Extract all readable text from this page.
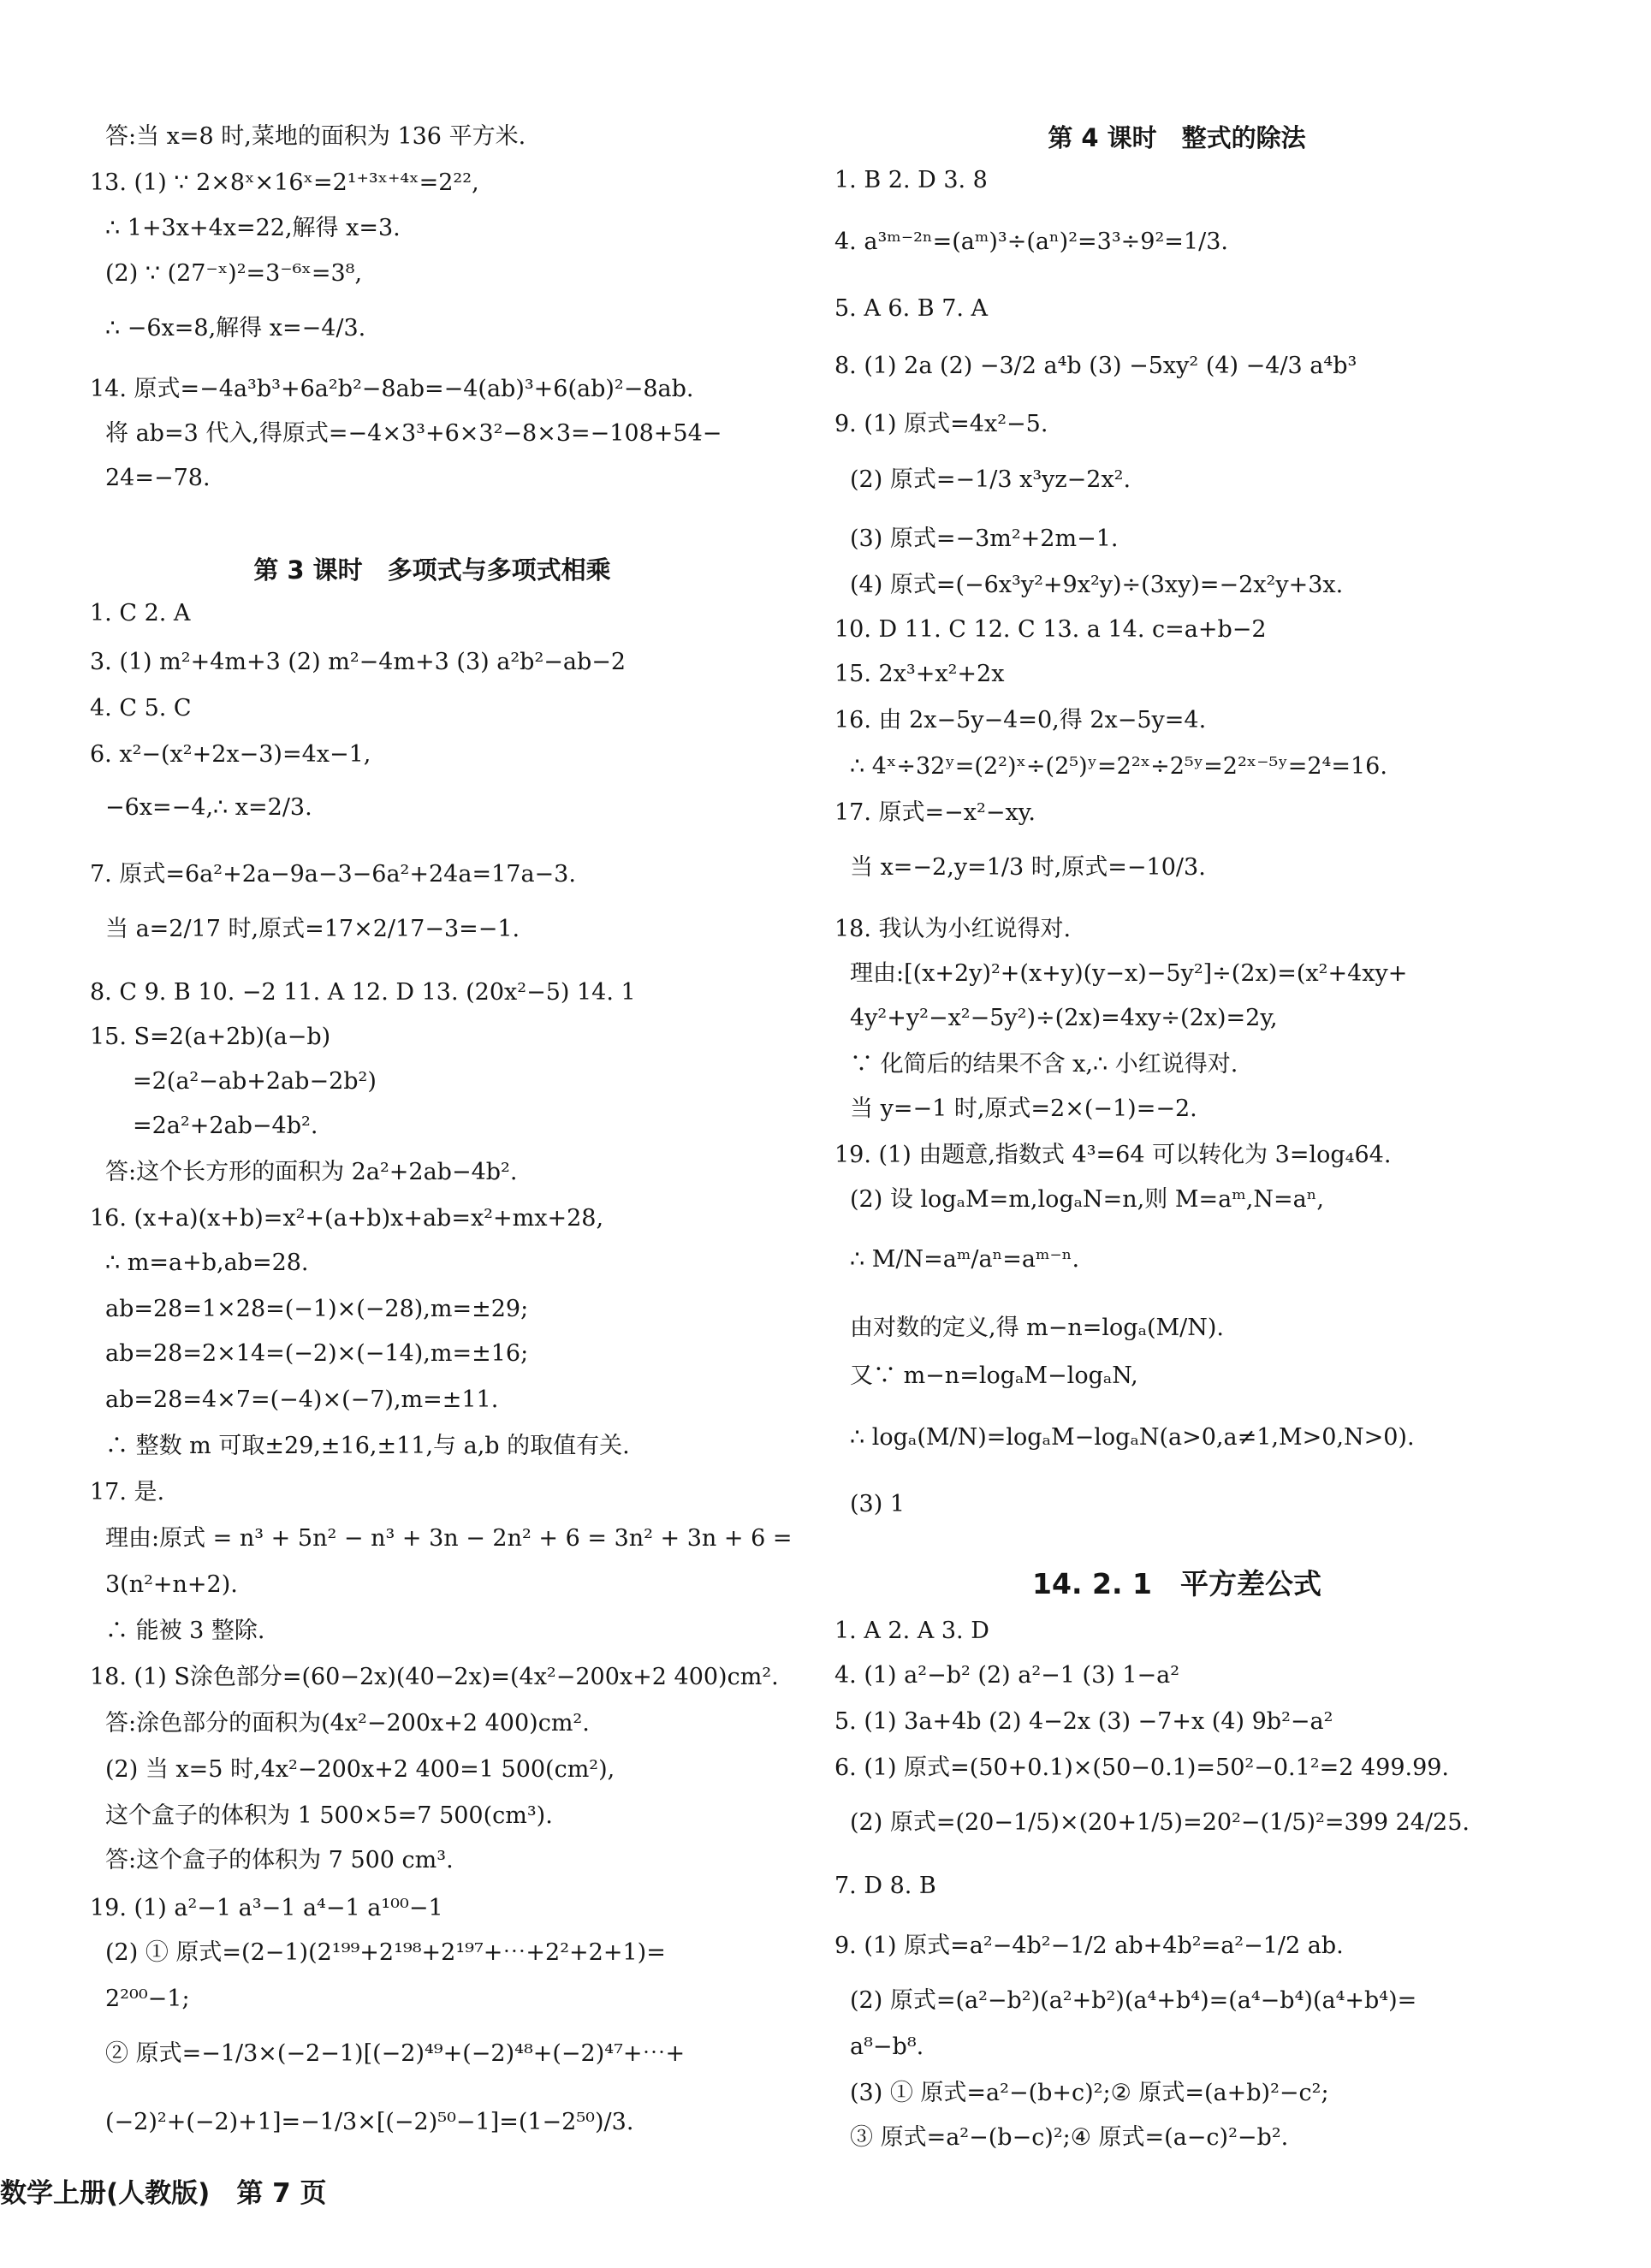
答:当 x=8 时,菜地的面积为 136 平方米.
13. (1) ∵ 2×8ˣ×16ˣ=2¹⁺³ˣ⁺⁴ˣ=2²²,
∴ 1+3x+4x=22,解得 x=3.
(2) ∵ (27⁻ˣ)²=3⁻⁶ˣ=3⁸,
∴ −6x=8,解得 x=−4/3.
14. 原式=−4a³b³+6a²b²−8ab=−4(ab)³+6(ab)²−8ab.
将 ab=3 代入,得原式=−4×3³+6×3²−8×3=−108+54−
24=−78.
1. C 2. A
3. (1) m²+4m+3 (2) m²−4m+3 (3) a²b²−ab−2
4. C 5. C
6. x²−(x²+2x−3)=4x−1,
−6x=−4,∴ x=2/3.
7. 原式=6a²+2a−9a−3−6a²+24a=17a−3.
当 a=2/17 时,原式=17×2/17−3=−1.
8. C 9. B 10. −2 11. A 12. D 13. (20x²−5) 14. 1
15. S=2(a+2b)(a−b)
=2(a²−ab+2ab−2b²)
=2a²+2ab−4b².
答:这个长方形的面积为 2a²+2ab−4b².
16. (x+a)(x+b)=x²+(a+b)x+ab=x²+mx+28,
∴ m=a+b,ab=28.
ab=28=1×28=(−1)×(−28),m=±29;
ab=28=2×14=(−2)×(−14),m=±16;
ab=28=4×7=(−4)×(−7),m=±11.
∴ 整数 m 可取±29,±16,±11,与 a,b 的取值有关.
17. 是.
理由:原式 = n³ + 5n² − n³ + 3n − 2n² + 6 = 3n² + 3n + 6 =
3(n²+n+2).
∴ 能被 3 整除.
18. (1) S涂色部分=(60−2x)(40−2x)=(4x²−200x+2 400)cm².
答:涂色部分的面积为(4x²−200x+2 400)cm².
(2) 当 x=5 时,4x²−200x+2 400=1 500(cm²),
这个盒子的体积为 1 500×5=7 500(cm³).
答:这个盒子的体积为 7 500 cm³.
19. (1) a²−1 a³−1 a⁴−1 a¹⁰⁰−1
(2) ① 原式=(2−1)(2¹⁹⁹+2¹⁹⁸+2¹⁹⁷+⋯+2²+2+1)=
2²⁰⁰−1;
② 原式=−1/3×(−2−1)[(−2)⁴⁹+(−2)⁴⁸+(−2)⁴⁷+⋯+
(−2)²+(−2)+1]=−1/3×[(−2)⁵⁰−1]=(1−2⁵⁰)/3.
第 3 课时　多项式与多项式相乘
第 4 课时　整式的除法
1. B 2. D 3. 8
4. a³ᵐ⁻²ⁿ=(aᵐ)³÷(aⁿ)²=3³÷9²=1/3.
5. A 6. B 7. A
8. (1) 2a (2) −3/2 a⁴b (3) −5xy² (4) −4/3 a⁴b³
9. (1) 原式=4x²−5.
(2) 原式=−1/3 x³yz−2x².
(3) 原式=−3m²+2m−1.
(4) 原式=(−6x³y²+9x²y)÷(3xy)=−2x²y+3x.
10. D 11. C 12. C 13. a 14. c=a+b−2
15. 2x³+x²+2x
16. 由 2x−5y−4=0,得 2x−5y=4.
∴ 4ˣ÷32ʸ=(2²)ˣ÷(2⁵)ʸ=2²ˣ÷2⁵ʸ=2²ˣ⁻⁵ʸ=2⁴=16.
17. 原式=−x²−xy.
当 x=−2,y=1/3 时,原式=−10/3.
18. 我认为小红说得对.
理由:[(x+2y)²+(x+y)(y−x)−5y²]÷(2x)=(x²+4xy+
4y²+y²−x²−5y²)÷(2x)=4xy÷(2x)=2y,
∵ 化简后的结果不含 x,∴ 小红说得对.
当 y=−1 时,原式=2×(−1)=−2.
19. (1) 由题意,指数式 4³=64 可以转化为 3=log₄64.
(2) 设 logₐM=m,logₐN=n,则 M=aᵐ,N=aⁿ,
∴ M/N=aᵐ/aⁿ=aᵐ⁻ⁿ.
由对数的定义,得 m−n=logₐ(M/N).
又∵ m−n=logₐM−logₐN,
∴ logₐ(M/N)=logₐM−logₐN(a>0,a≠1,M>0,N>0).
(3) 1
14. 2. 1　平方差公式
1. A 2. A 3. D
4. (1) a²−b² (2) a²−1 (3) 1−a²
5. (1) 3a+4b (2) 4−2x (3) −7+x (4) 9b²−a²
6. (1) 原式=(50+0.1)×(50−0.1)=50²−0.1²=2 499.99.
(2) 原式=(20−1/5)×(20+1/5)=20²−(1/5)²=399 24/25.
7. D 8. B
9. (1) 原式=a²−4b²−1/2 ab+4b²=a²−1/2 ab.
(2) 原式=(a²−b²)(a²+b²)(a⁴+b⁴)=(a⁴−b⁴)(a⁴+b⁴)=
a⁸−b⁸.
(3) ① 原式=a²−(b+c)²;② 原式=(a+b)²−c²;
③ 原式=a²−(b−c)²;④ 原式=(a−c)²−b².
数学上册(人教版)　第 7 页
